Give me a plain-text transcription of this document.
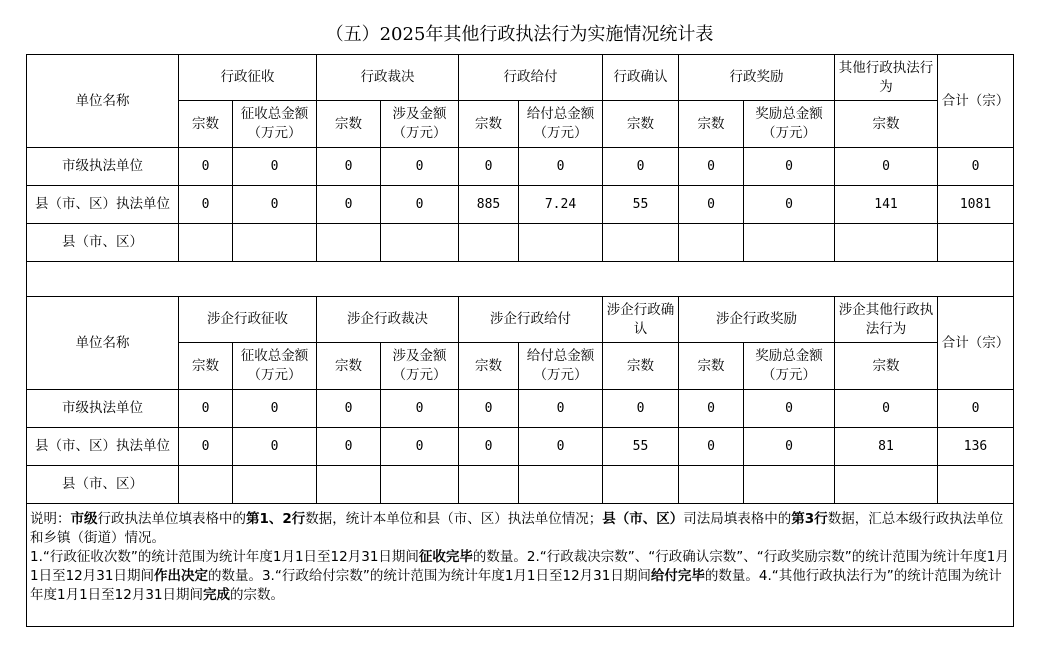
（五）2025年其他行政执法行为实施情况统计表
单位名称	行政征收		行政裁决		行政给付		行政确认	行政奖励		其他行政执法行为	合计（宗）
	宗数	征收总金额（万元）	宗数	涉及金额（万元）	宗数	给付总金额（万元）	宗数	宗数	奖励总金额（万元）	宗数	
市级执法单位	0	0	0	0	0	0	0	0	0	0	0
县（市、区）执法单位	0	0	0	0	885	7.24	55	0	0	141	1081
县（市、区）											

单位名称	涉企行政征收		涉企行政裁决		涉企行政给付		涉企行政确认	涉企行政奖励		涉企其他行政执法行为	合计（宗）
	宗数	征收总金额（万元）	宗数	涉及金额（万元）	宗数	给付总金额（万元）	宗数	宗数	奖励总金额（万元）	宗数	
市级执法单位	0	0	0	0	0	0	0	0	0	0	0
县（市、区）执法单位	0	0	0	0	0	0	55	0	0	81	136
县（市、区）											

说明：市级行政执法单位填表格中的第1、2行数据，统计本单位和县（市、区）执法单位情况；县（市、区）司法局填表格中的第3行数据，汇总本级行政执法单位和乡镇（街道）情况。
1.“行政征收次数”的统计范围为统计年度1月1日至12月31日期间征收完毕的数量。2.“行政裁决宗数”、“行政确认宗数”、“行政奖励宗数”的统计范围为统计年度1月1日至12月31日期间作出决定的数量。3.“行政给付宗数”的统计范围为统计年度1月1日至12月31日期间给付完毕的数量。4.“其他行政执法行为”的统计范围为统计年度1月1日至12月31日期间完成的宗数。											
